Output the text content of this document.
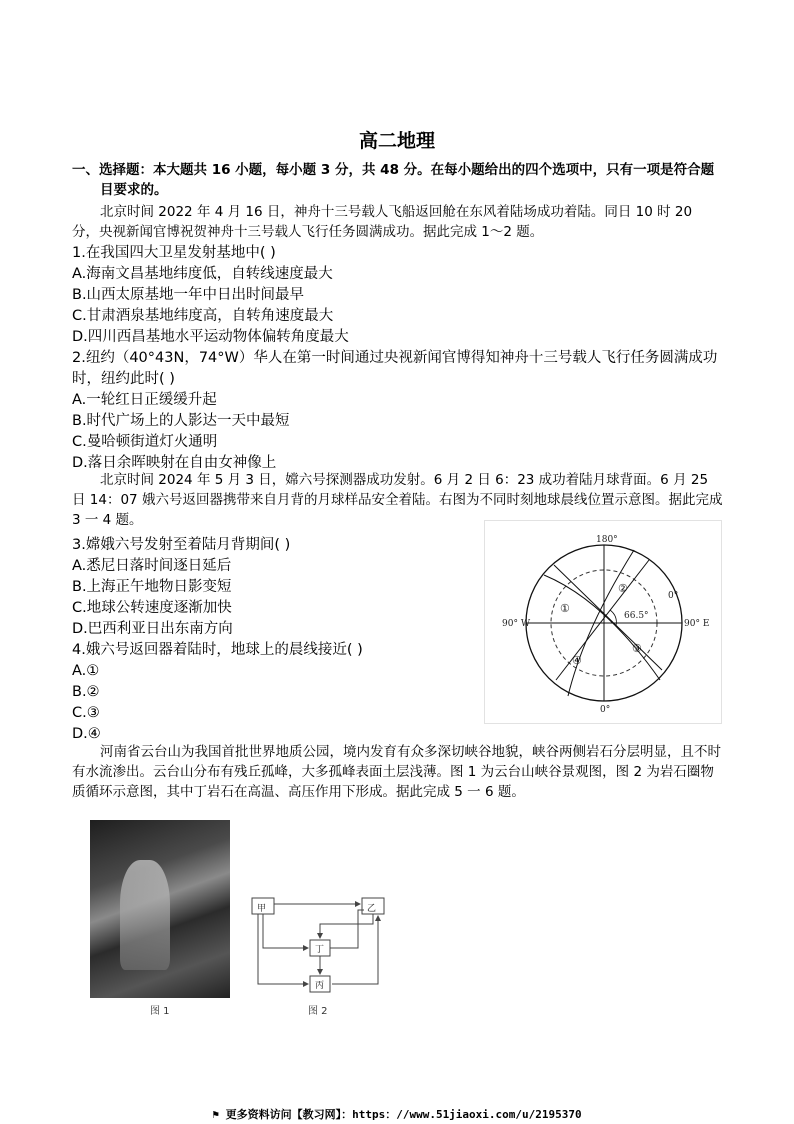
高二地理
一、选择题：本大题共 16 小题，每小题 3 分，共 48 分。在每小题给出的四个选项中，只有一项是符合题
目要求的。
北京时间 2022 年 4 月 16 日，神舟十三号载人飞船返回舱在东风着陆场成功着陆。同日 10 时 20 分，央视新闻官博祝贺神舟十三号载人飞行任务圆满成功。据此完成 1～2 题。
1.在我国四大卫星发射基地中( )
A.海南文昌基地纬度低，自转线速度最大
B.山西太原基地一年中日出时间最早
C.甘肃酒泉基地纬度高，自转角速度最大
D.四川西昌基地水平运动物体偏转角度最大
2.纽约（40°43N，74°W）华人在第一时间通过央视新闻官博得知神舟十三号载人飞行任务圆满成功时，纽约此时( )
A.一轮红日正缓缓升起
B.时代广场上的人影达一天中最短
C.曼哈顿街道灯火通明
D.落日余晖映射在自由女神像上
北京时间 2024 年 5 月 3 日，嫦六号探测器成功发射。6 月 2 日 6：23 成功着陆月球背面。6 月 25 日 14：07 娥六号返回器携带来自月背的月球样品安全着陆。右图为不同时刻地球晨线位置示意图。据此完成 3 一 4 题。
3.嫦娥六号发射至着陆月背期间( )
A.悉尼日落时间逐日延后
B.上海正午地物日影变短
C.地球公转速度逐渐加快
D.巴西利亚日出东南方向
4.娥六号返回器着陆时，地球上的晨线接近( )
A.①
B.②
C.③
D.④
180°
90° W	90° E
0°
0°
66.5°
①
②
③
④
河南省云台山为我国首批世界地质公园，境内发育有众多深切峡谷地貌，峡谷两侧岩石分层明显，且不时有水流渗出。云台山分布有残丘孤峰，大多孤峰表面土层浅薄。图 1 为云台山峡谷景观图，图 2 为岩石圈物质循环示意图，其中丁岩石在高温、高压作用下形成。据此完成 5 一 6 题。
图 1
甲	乙
丁
丙
图 2
⚑ 更多资料访问【教习网】：https：//www.51jiaoxi.com/u/2195370
